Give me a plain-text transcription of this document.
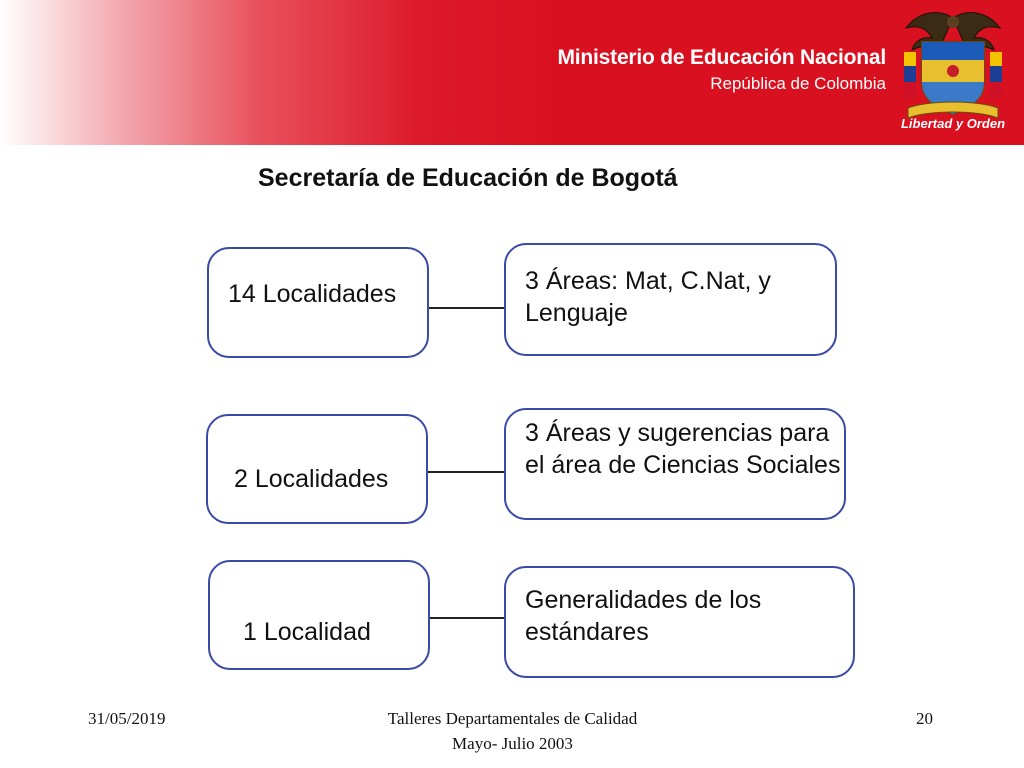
Ministerio de Educación Nacional
República de Colombia
Libertad y Orden
Secretaría de Educación de Bogotá
14 Localidades	3 Áreas: Mat, C.Nat, y Lenguaje
2 Localidades
3 Áreas y sugerencias para el área de Ciencias Sociales
1 Localidad
Generalidades de los estándares
31/05/2019	Talleres Departamentales de Calidad
Mayo- Julio 2003
20
